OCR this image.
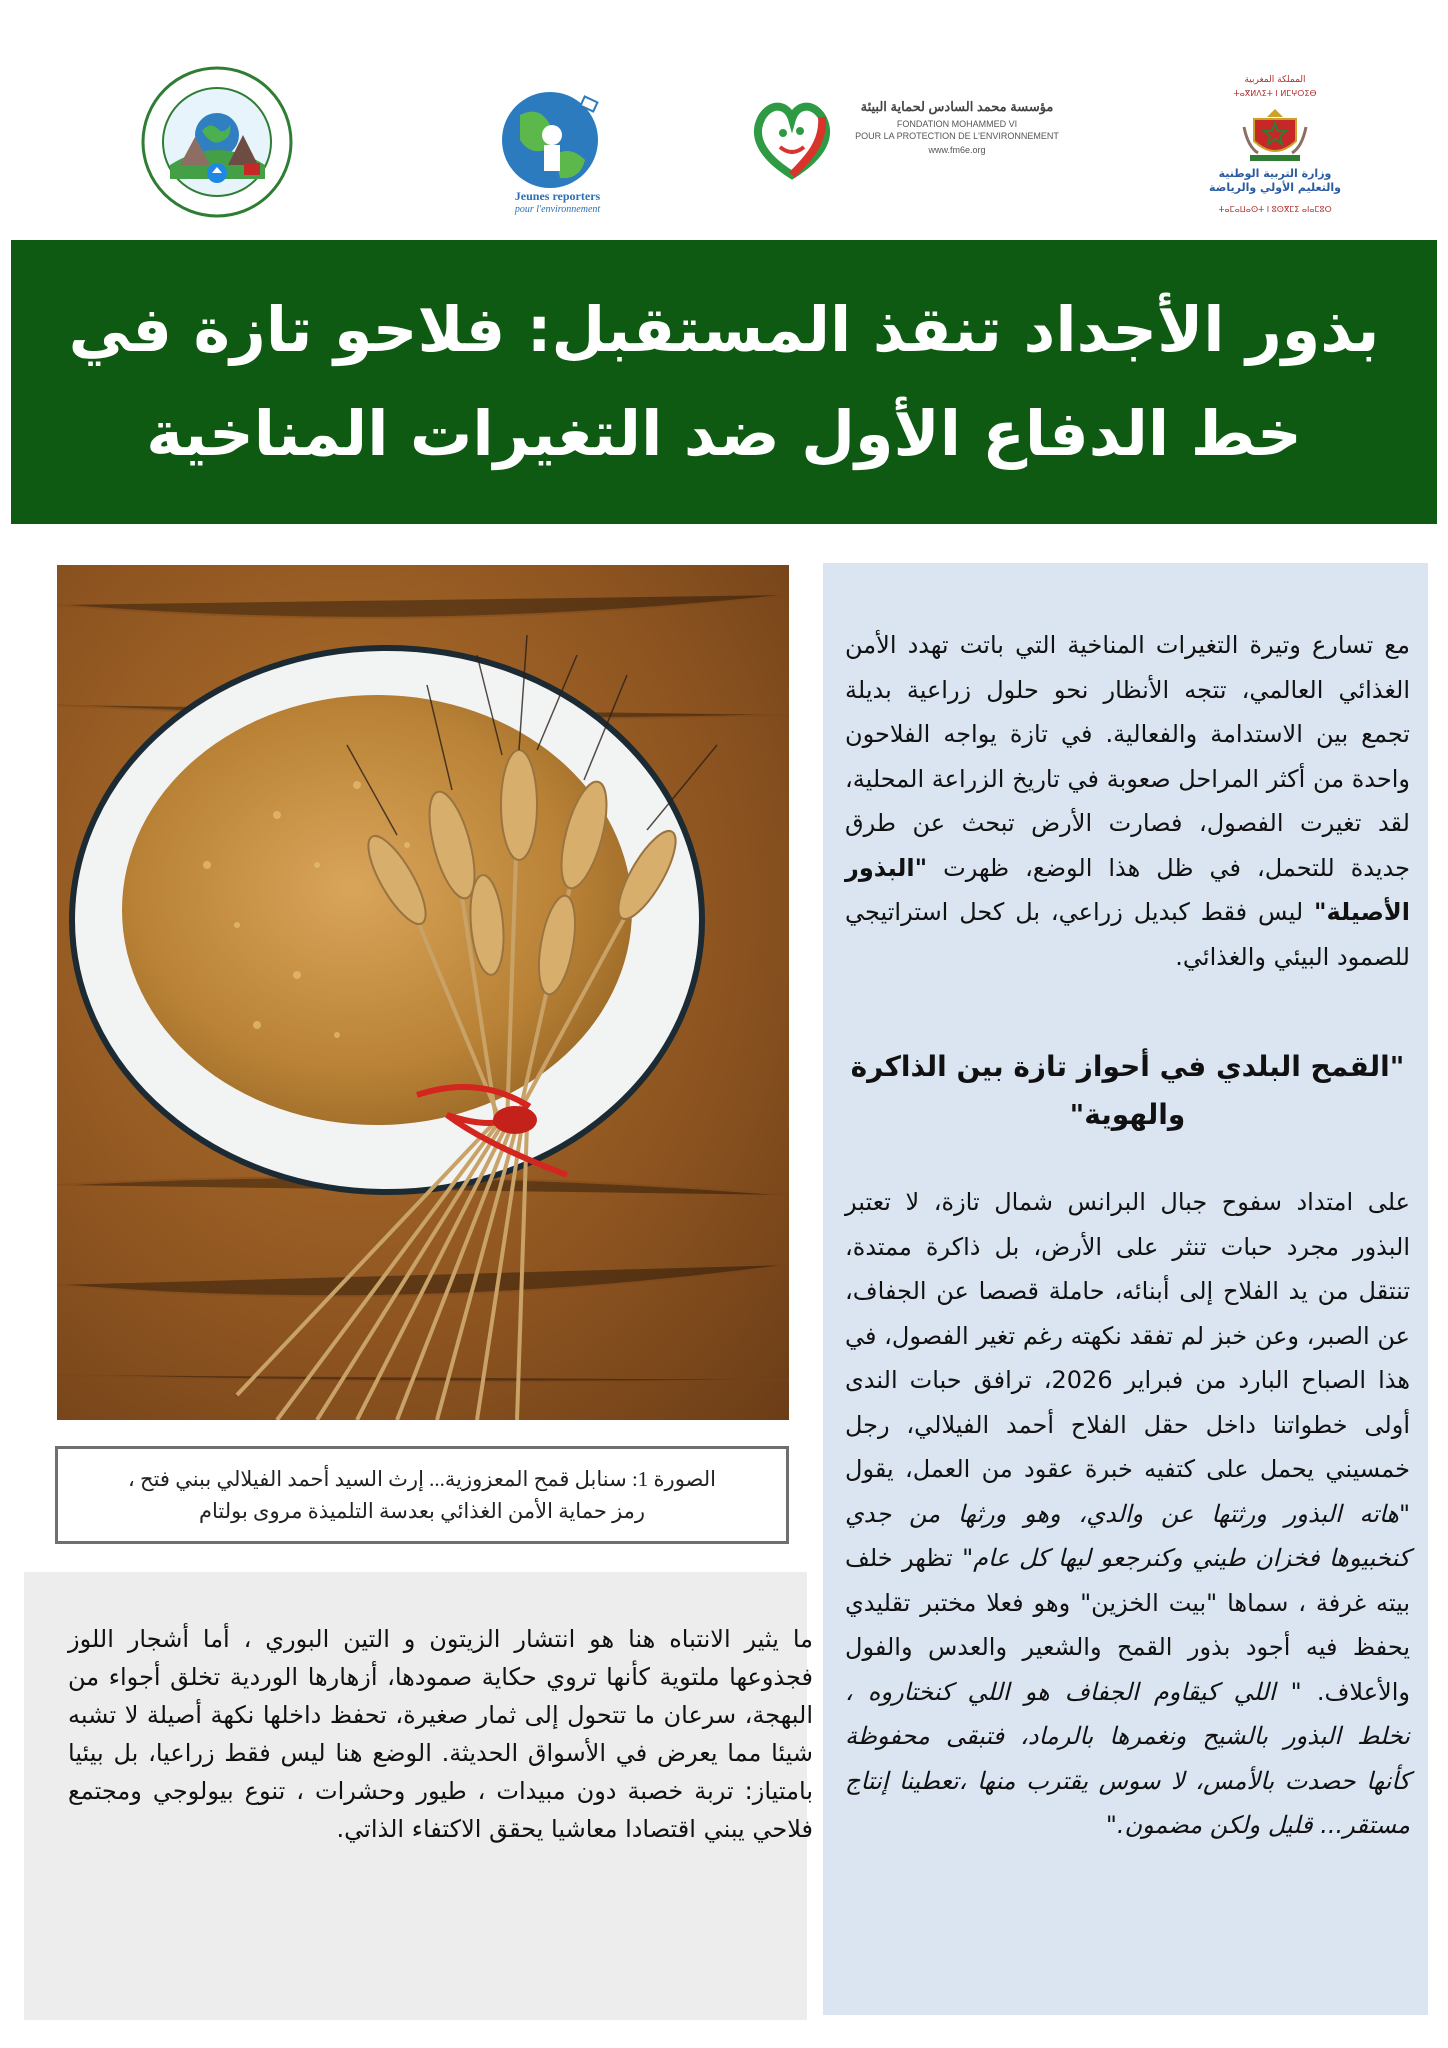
Jeunes reporters
pour l'environnement
مؤسسة محمد السادس لحماية البيئة
FONDATION MOHAMMED VI
POUR LA PROTECTION DE L'ENVIRONNEMENT
www.fm6e.org
المملكة المغربية
ⵜⴰⴳⵍⴷⵉⵜ ⵏ ⵍⵎⵖⵔⵉⴱ
وزارة التربية الوطنية
والتعليم الأولي والرياضة
ⵜⴰⵎⴰⵡⴰⵙⵜ ⵏ ⵓⵙⴳⵎⵉ ⴰⵏⴰⵎⵓⵔ
بذور الأجداد تنقذ المستقبل: فلاحو تازة في خط الدفاع الأول ضد التغيرات المناخية
الصورة 1: سنابل قمح المعزوزية... إرث السيد أحمد الفيلالي ببني فتح ،
رمز حماية الأمن الغذائي بعدسة التلميذة مروى بولتام
ما يثير الانتباه هنا هو انتشار الزيتون و التين البوري ، أما أشجار اللوز فجذوعها ملتوية كأنها تروي حكاية صمودها، أزهارها الوردية تخلق أجواء من البهجة، سرعان ما تتحول إلى ثمار صغيرة، تحفظ داخلها نكهة أصيلة لا تشبه شيئا مما يعرض في الأسواق الحديثة. الوضع هنا ليس فقط زراعيا، بل بيئيا بامتياز: تربة خصبة دون مبيدات ، طيور وحشرات ، تنوع بيولوجي ومجتمع فلاحي يبني اقتصادا معاشيا يحقق الاكتفاء الذاتي.
مع تسارع وتيرة التغيرات المناخية التي باتت تهدد الأمن الغذائي العالمي، تتجه الأنظار نحو حلول زراعية بديلة تجمع بين الاستدامة والفعالية. في تازة يواجه الفلاحون واحدة من أكثر المراحل صعوبة في تاريخ الزراعة المحلية، لقد تغيرت الفصول، فصارت الأرض تبحث عن طرق جديدة للتحمل، في ظل هذا الوضع، ظهرت "البذور الأصيلة" ليس فقط كبديل زراعي، بل كحل استراتيجي للصمود البيئي والغذائي.
"القمح البلدي في أحواز تازة بين الذاكرة والهوية"
على امتداد سفوح جبال البرانس شمال تازة، لا تعتبر البذور مجرد حبات تنثر على الأرض، بل ذاكرة ممتدة، تنتقل من يد الفلاح إلى أبنائه، حاملة قصصا عن الجفاف، عن الصبر، وعن خبز لم تفقد نكهته رغم تغير الفصول، في هذا الصباح البارد من فبراير 2026، ترافق حبات الندى أولى خطواتنا داخل حقل الفلاح أحمد الفيلالي، رجل خمسيني يحمل على كتفيه خبرة عقود من العمل، يقول "هاته البذور ورثتها عن والدي، وهو ورثها من جدي كنخبيوها فخزان طيني وكنرجعو ليها كل عام" تظهر خلف بيته غرفة ، سماها "بيت الخزين" وهو فعلا مختبر تقليدي يحفظ فيه أجود بذور القمح والشعير والعدس والفول والأعلاف. " اللي كيقاوم الجفاف هو اللي كنختاروه ، نخلط البذور بالشيح ونغمرها بالرماد، فتبقى محفوظة كأنها حصدت بالأمس، لا سوس يقترب منها ،تعطينا إنتاج مستقر... قليل ولكن مضمون."
